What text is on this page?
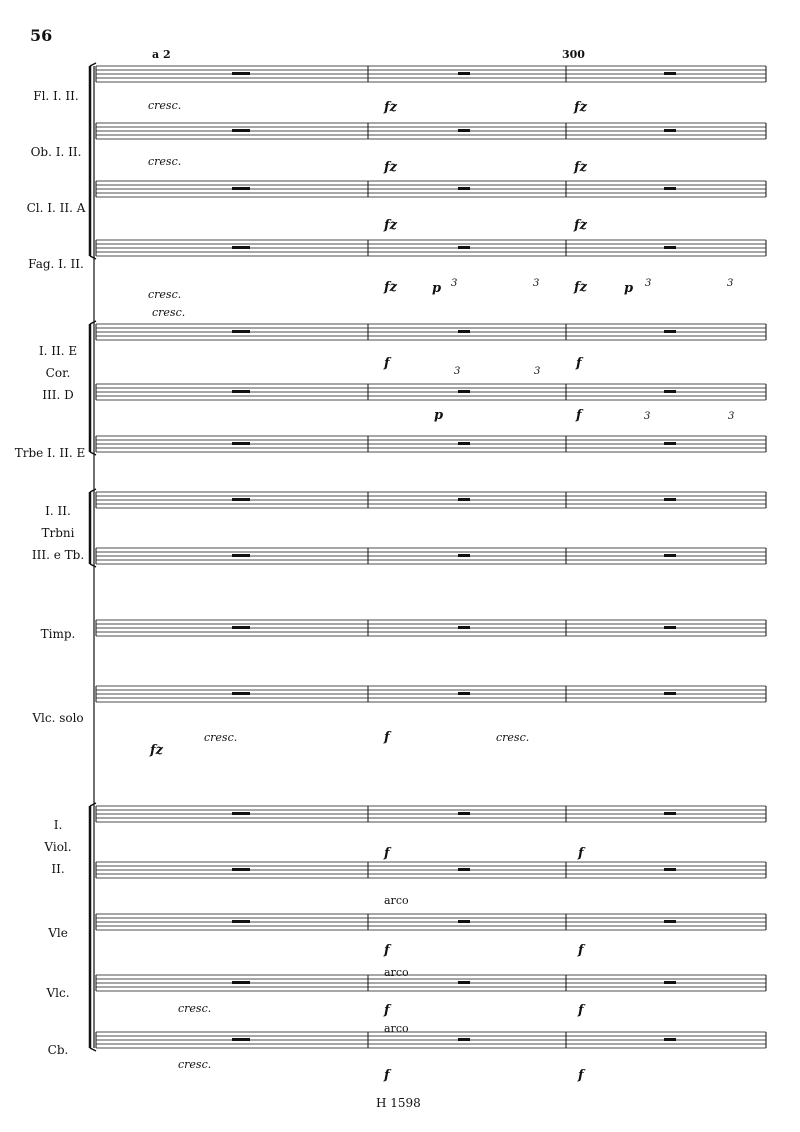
56
a 2	300
Fl. I. II.
Ob. I. II.
Cl. I. II. A
Fag. I. II.
I. II. E
Cor.
III. D
Trbe I. II. E
I. II.
Trbni
III. e Tb.
Timp.
Vlc. solo
I.
Viol.
II.
Vle
Vlc.
Cb.
cresc.
cresc.
cresc.
cresc.
cresc.	cresc.
cresc.
cresc.
fz	fz
fz	fz
fz	fz
fz	fz
p	p
3	3	3	3
f	f
p	f
3	3
3	3
fz
f
f	f
arco
f	f
arco
f	f
arco
f	f
H 1598
